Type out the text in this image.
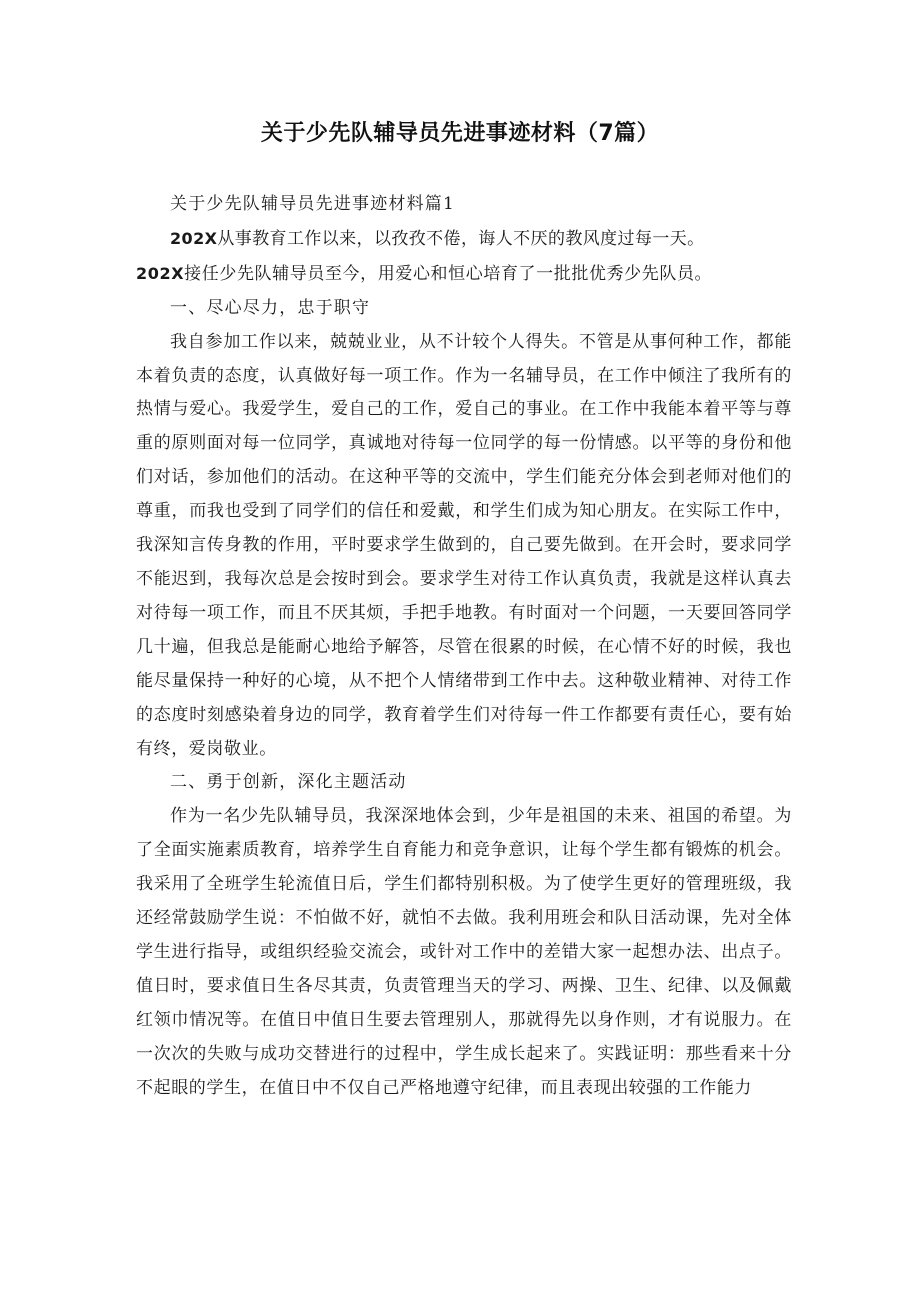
关于少先队辅导员先进事迹材料（7篇）

关于少先队辅导员先进事迹材料篇1

202X从事教育工作以来，以孜孜不倦，诲人不厌的教风度过每一天。

202X接任少先队辅导员至今，用爱心和恒心培育了一批批优秀少先队员。

一、尽心尽力，忠于职守

我自参加工作以来，兢兢业业，从不计较个人得失。不管是从事何种工作，都能本着负责的态度，认真做好每一项工作。作为一名辅导员，在工作中倾注了我所有的热情与爱心。我爱学生，爱自己的工作，爱自己的事业。在工作中我能本着平等与尊重的原则面对每一位同学，真诚地对待每一位同学的每一份情感。以平等的身份和他们对话，参加他们的活动。在这种平等的交流中，学生们能充分体会到老师对他们的尊重，而我也受到了同学们的信任和爱戴，和学生们成为知心朋友。在实际工作中，我深知言传身教的作用，平时要求学生做到的，自己要先做到。在开会时，要求同学不能迟到，我每次总是会按时到会。要求学生对待工作认真负责，我就是这样认真去对待每一项工作，而且不厌其烦，手把手地教。有时面对一个问题，一天要回答同学几十遍，但我总是能耐心地给予解答，尽管在很累的时候，在心情不好的时候，我也能尽量保持一种好的心境，从不把个人情绪带到工作中去。这种敬业精神、对待工作的态度时刻感染着身边的同学，教育着学生们对待每一件工作都要有责任心，要有始有终，爱岗敬业。

二、勇于创新，深化主题活动

作为一名少先队辅导员，我深深地体会到，少年是祖国的未来、祖国的希望。为了全面实施素质教育，培养学生自育能力和竞争意识，让每个学生都有锻炼的机会。我采用了全班学生轮流值日后，学生们都特别积极。为了使学生更好的管理班级，我还经常鼓励学生说：不怕做不好，就怕不去做。我利用班会和队日活动课，先对全体学生进行指导，或组织经验交流会，或针对工作中的差错大家一起想办法、出点子。值日时，要求值日生各尽其责，负责管理当天的学习、两操、卫生、纪律、以及佩戴红领巾情况等。在值日中值日生要去管理别人，那就得先以身作则，才有说服力。在一次次的失败与成功交替进行的过程中，学生成长起来了。实践证明：那些看来十分不起眼的学生，在值日中不仅自己严格地遵守纪律，而且表现出较强的工作能力
